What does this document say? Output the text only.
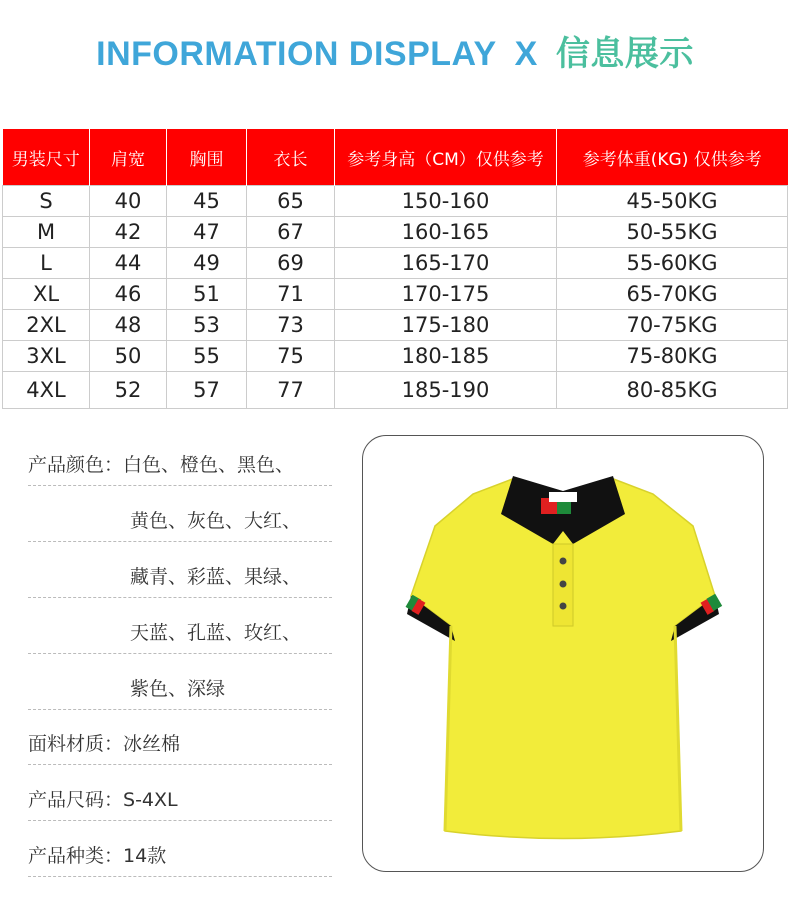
INFORMATION DISPLAY X 信息展示
男装尺寸	肩宽	胸围	衣长	参考身高（CM）仅供参考	参考体重(KG) 仅供参考
S	40	45	65	150-160	45-50KG
M	42	47	67	160-165	50-55KG
L	44	49	69	165-170	55-60KG
XL	46	51	71	170-175	65-70KG
2XL	48	53	73	175-180	70-75KG
3XL	50	55	75	180-185	75-80KG
4XL	52	57	77	185-190	80-85KG
产品颜色：白色、橙色、黑色、
黄色、灰色、大红、
藏青、彩蓝、果绿、
天蓝、孔蓝、玫红、
紫色、深绿
面料材质：冰丝棉
产品尺码：S-4XL
产品种类：14款
